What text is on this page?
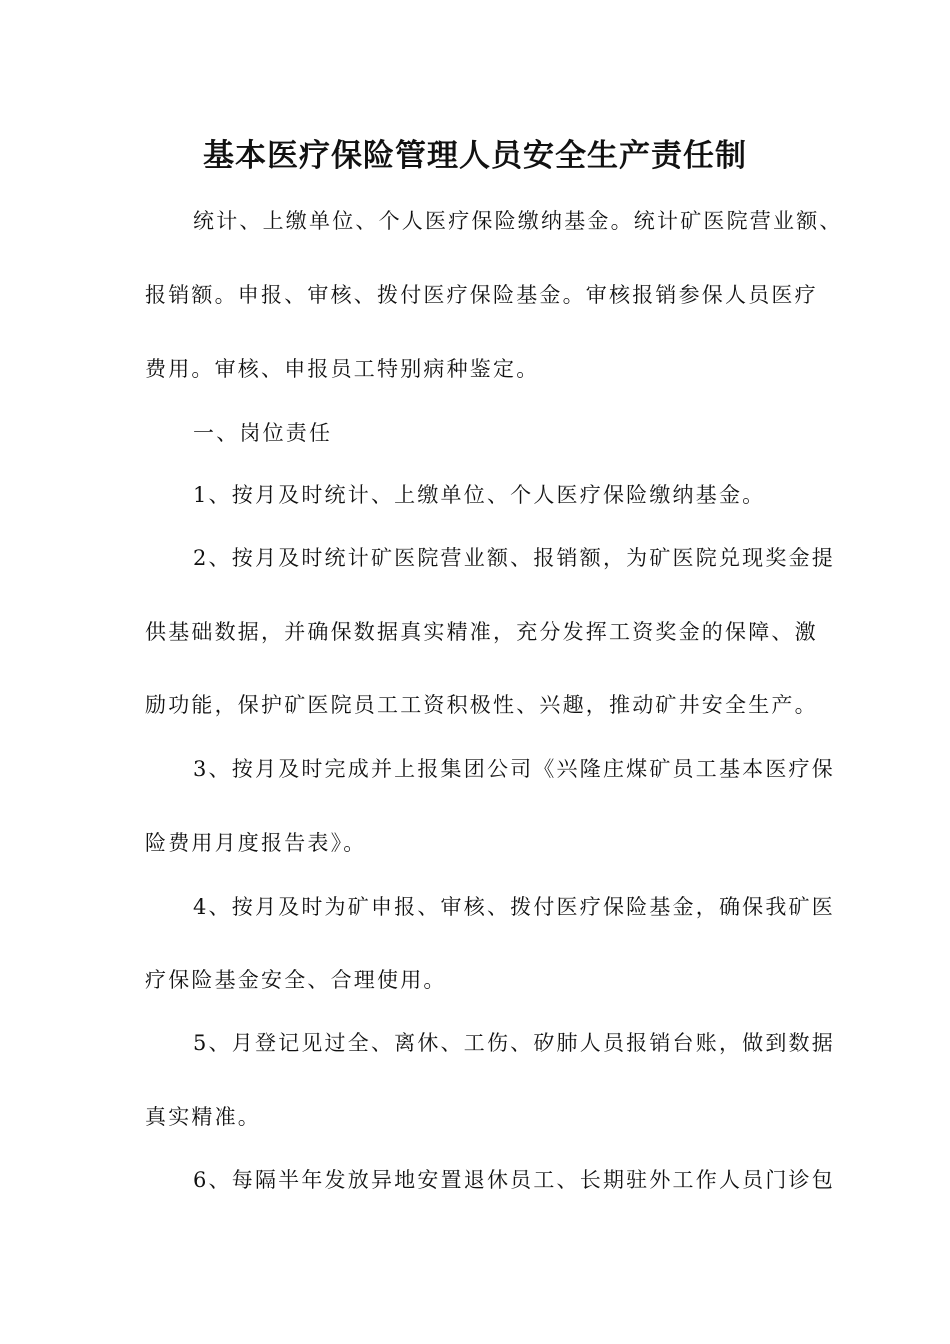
基本医疗保险管理人员安全生产责任制
统计、上缴单位、个人医疗保险缴纳基金。统计矿医院营业额、
报销额。申报、审核、拨付医疗保险基金。审核报销参保人员医疗
费用。审核、申报员工特别病种鉴定。
一、岗位责任
1、按月及时统计、上缴单位、个人医疗保险缴纳基金。
2、按月及时统计矿医院营业额、报销额，为矿医院兑现奖金提
供基础数据，并确保数据真实精准，充分发挥工资奖金的保障、激
励功能，保护矿医院员工工资积极性、兴趣，推动矿井安全生产。
3、按月及时完成并上报集团公司《兴隆庄煤矿员工基本医疗保
险费用月度报告表》。
4、按月及时为矿申报、审核、拨付医疗保险基金，确保我矿医
疗保险基金安全、合理使用。
5、月登记见过全、离休、工伤、矽肺人员报销台账，做到数据
真实精准。
6、每隔半年发放异地安置退休员工、长期驻外工作人员门诊包
